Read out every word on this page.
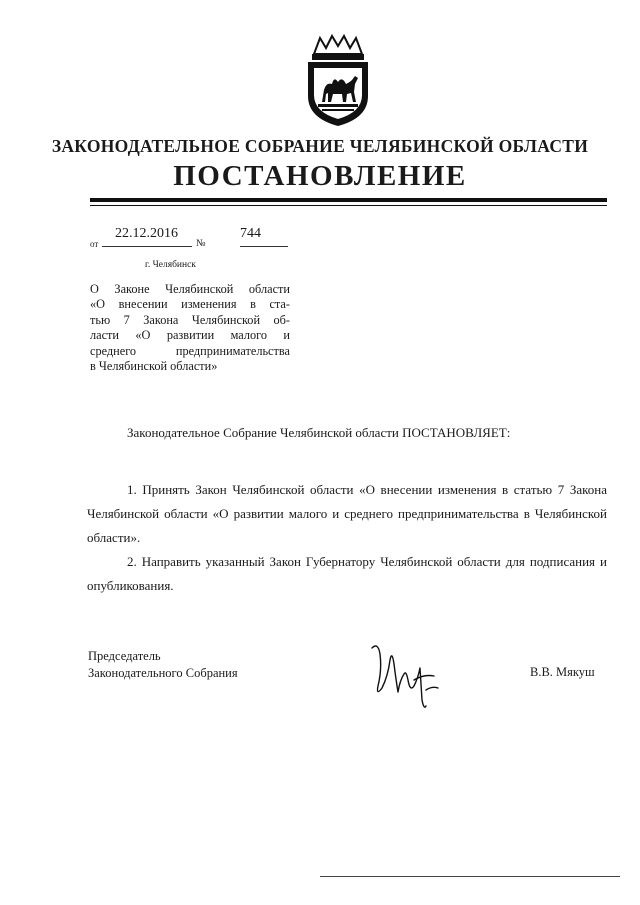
ЗАКОНОДАТЕЛЬНОЕ СОБРАНИЕ ЧЕЛЯБИНСКОЙ ОБЛАСТИ
ПОСТАНОВЛЕНИЕ
22.12.2016	744
от	№
г. Челябинск
О Законе Челябинской области
«О внесении изменения в ста-
тью 7 Закона Челябинской об-
ласти «О развитии малого и
среднего предпринимательства
в Челябинской области»
Законодательное Собрание Челябинской области ПОСТАНОВЛЯЕТ:
1. Принять Закон Челябинской области «О внесении изменения в статью 7 Закона Челябинской области «О развитии малого и среднего предпринимательства в Челябинской области».
2. Направить указанный Закон Губернатору Челябинской области для подписания и опубликования.
Председатель
Законодательного Собрания	В.В. Мякуш
